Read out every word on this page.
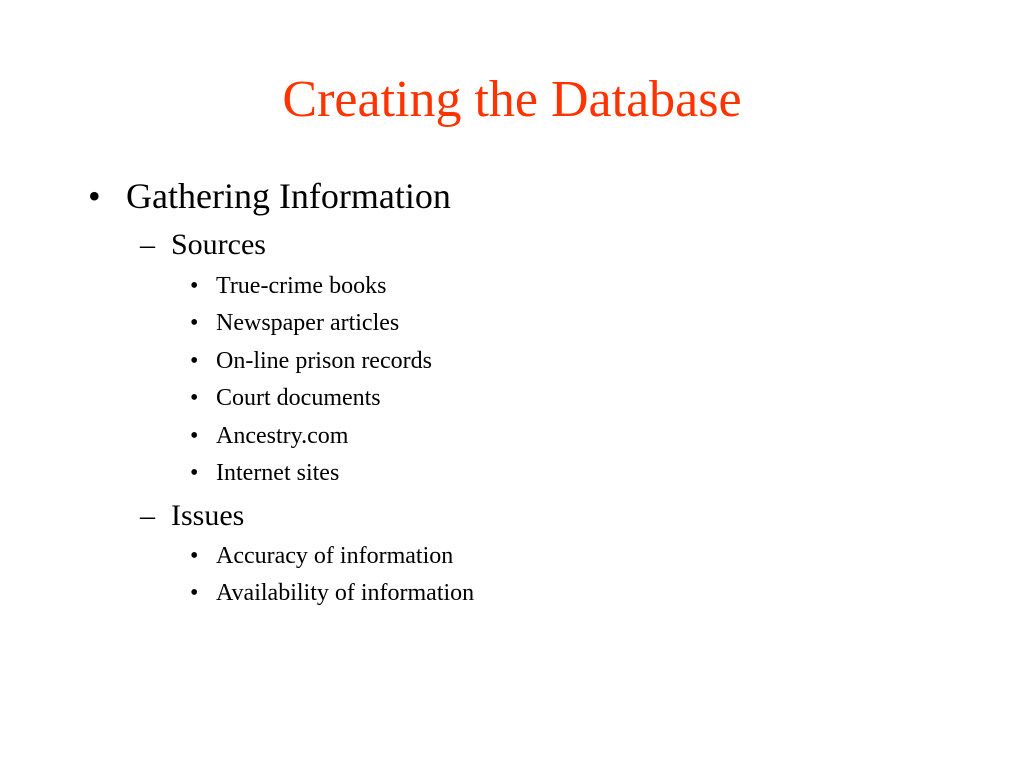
Creating the Database
• Gathering Information
– Sources
• True-crime books
• Newspaper articles
• On-line prison records
• Court documents
• Ancestry.com
• Internet sites
– Issues
• Accuracy of information
• Availability of information
